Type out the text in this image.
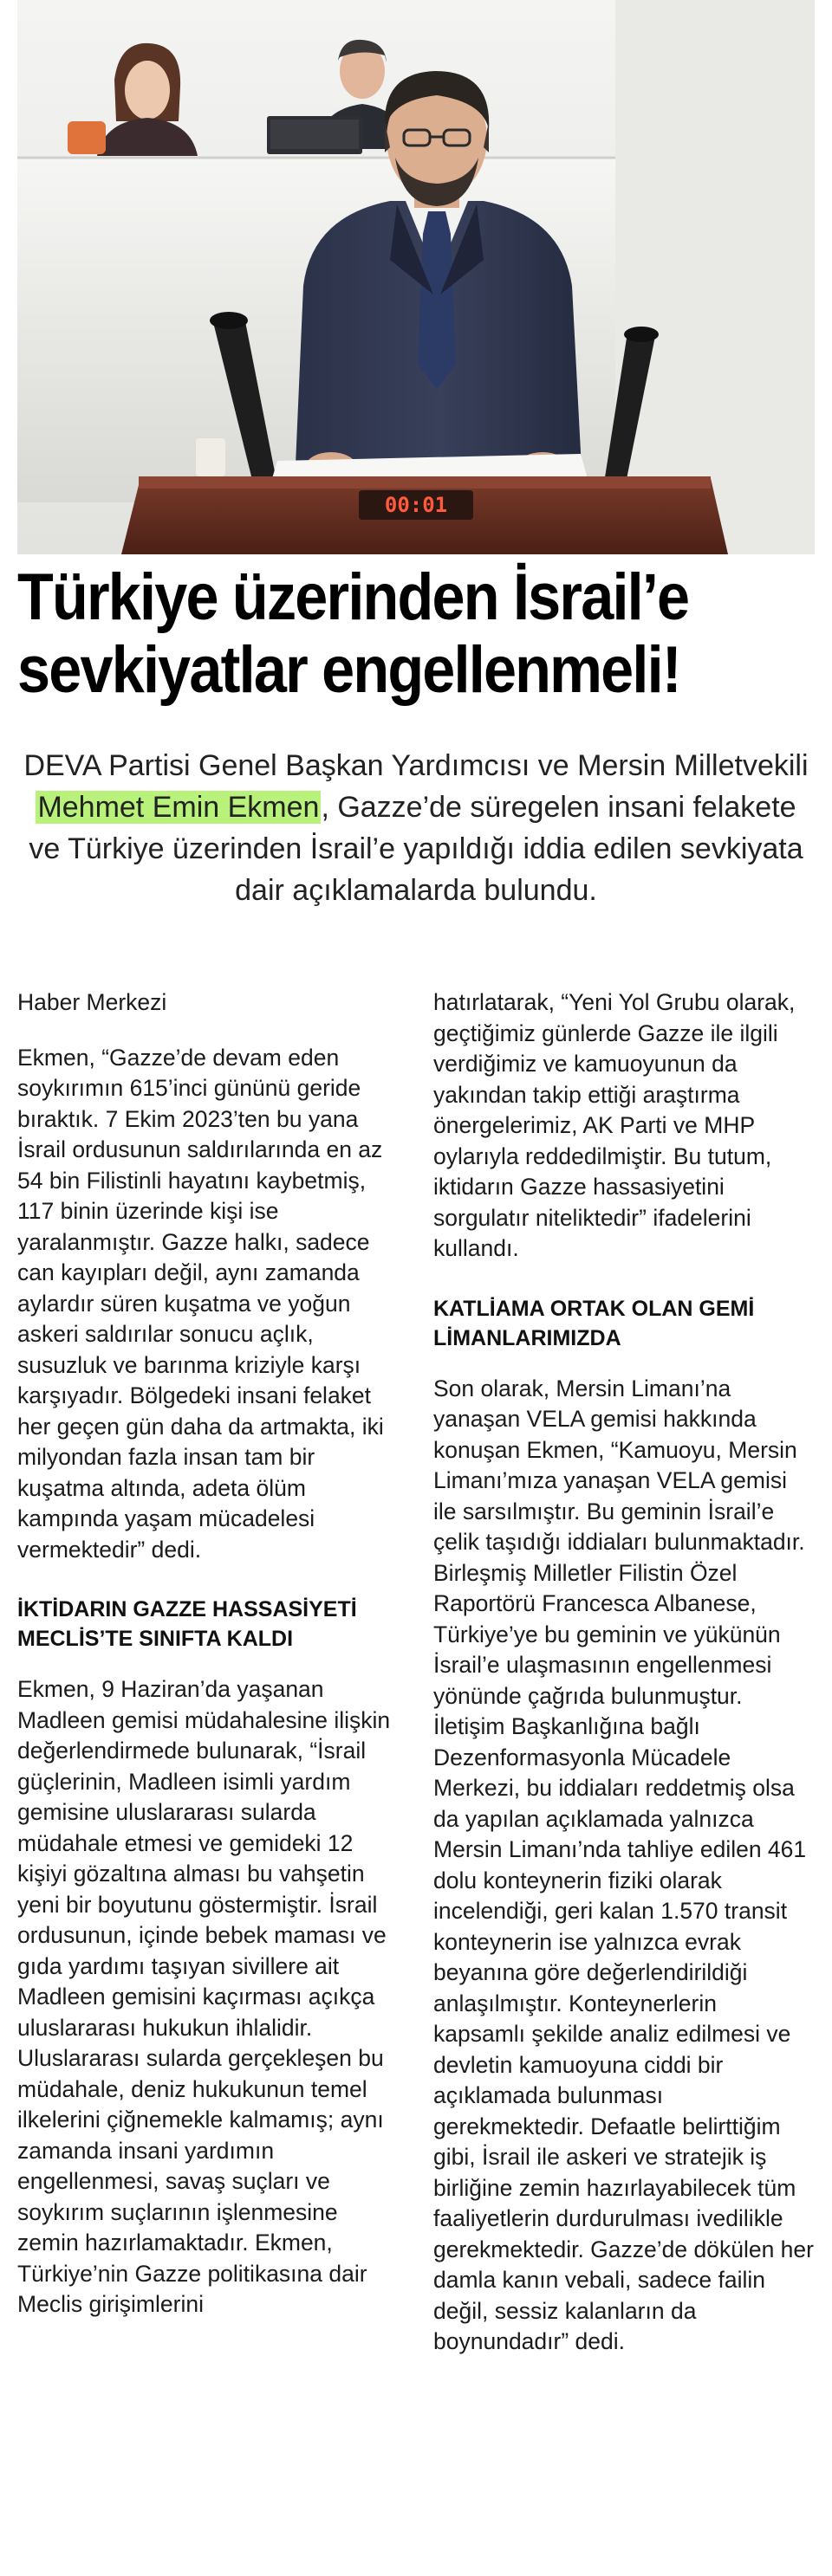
00:01
Türkiye üzerinden İsrail’e
sevkiyatlar engellenmeli!

DEVA Partisi Genel Başkan Yardımcısı ve Mersin Milletvekili Mehmet Emin Ekmen, Gazze’de süregelen insani felakete ve Türkiye üzerinden İsrail’e yapıldığı iddia edilen sevkiyata dair açıklamalarda bulundu.

Haber Merkezi

Ekmen, “Gazze’de devam eden soykırımın 615’inci gününü geride bıraktık. 7 Ekim 2023’ten bu yana İsrail ordusunun saldırılarında en az 54 bin Filistinli hayatını kaybetmiş, 117 binin üzerinde kişi ise yaralanmıştır. Gazze halkı, sadece can kayıpları değil, aynı zamanda aylardır süren kuşatma ve yoğun askeri saldırılar sonucu açlık, susuzluk ve barınma kriziyle karşı karşıyadır. Bölgedeki insani felaket her geçen gün daha da artmakta, iki milyondan fazla insan tam bir kuşatma altında, adeta ölüm kampında yaşam mücadelesi vermektedir” dedi.

İKTİDARIN GAZZE HASSASİYETİ MECLİS’TE SINIFTA KALDI

Ekmen, 9 Haziran’da yaşanan Madleen gemisi müdahalesine ilişkin değerlendirmede bulunarak, “İsrail güçlerinin, Madleen isimli yardım gemisine uluslararası sularda müdahale etmesi ve gemideki 12 kişiyi gözaltına alması bu vahşetin yeni bir boyutunu göstermiştir. İsrail ordusunun, içinde bebek maması ve gıda yardımı taşıyan sivillere ait Madleen gemisini kaçırması açıkça uluslararası hukukun ihlalidir. Uluslararası sularda gerçekleşen bu müdahale, deniz hukukunun temel ilkelerini çiğnemekle kalmamış; aynı zamanda insani yardımın engellenmesi, savaş suçları ve soykırım suçlarının işlenmesine zemin hazırlamaktadır. Ekmen, Türkiye’nin Gazze politikasına dair Meclis girişimlerini

hatırlatarak, “Yeni Yol Grubu olarak, geçtiğimiz günlerde Gazze ile ilgili verdiğimiz ve kamuoyunun da yakından takip ettiği araştırma önergelerimiz, AK Parti ve MHP oylarıyla reddedilmiştir. Bu tutum, iktidarın Gazze hassasiyetini sorgulatır niteliktedir” ifadelerini kullandı.

KATLİAMA ORTAK OLAN GEMİ LİMANLARIMIZDA

Son olarak, Mersin Limanı’na yanaşan VELA gemisi hakkında konuşan Ekmen, “Kamuoyu, Mersin Limanı’mıza yanaşan VELA gemisi ile sarsılmıştır. Bu geminin İsrail’e çelik taşıdığı iddiaları bulunmaktadır. Birleşmiş Milletler Filistin Özel Raportörü Francesca Albanese, Türkiye’ye bu geminin ve yükünün İsrail’e ulaşmasının engellenmesi yönünde çağrıda bulunmuştur. İletişim Başkanlığına bağlı Dezenformasyonla Mücadele Merkezi, bu iddiaları reddetmiş olsa da yapılan açıklamada yalnızca Mersin Limanı’nda tahliye edilen 461 dolu konteynerin fiziki olarak incelendiği, geri kalan 1.570 transit konteynerin ise yalnızca evrak beyanına göre değerlendirildiği anlaşılmıştır. Konteynerlerin kapsamlı şekilde analiz edilmesi ve devletin kamuoyuna ciddi bir açıklamada bulunması gerekmektedir. Defaatle belirttiğim gibi, İsrail ile askeri ve stratejik iş birliğine zemin hazırlayabilecek tüm faaliyetlerin durdurulması ivedilikle gerekmektedir. Gazze’de dökülen her damla kanın vebali, sadece failin değil, sessiz kalanların da boynundadır” dedi.
